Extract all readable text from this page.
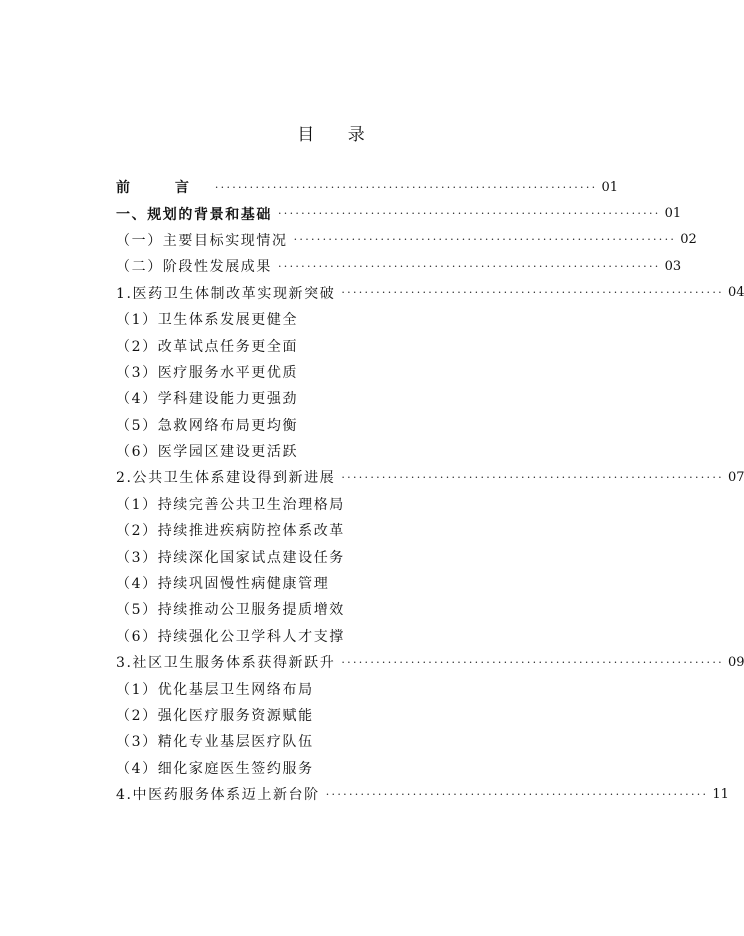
目 录
前 言 ·································································· 01
一、规划的背景和基础 ·································································· 01
（一）主要目标实现情况 ·································································· 02
（二）阶段性发展成果 ·································································· 03
1.医药卫生体制改革实现新突破 ·································································· 04
（1）卫生体系发展更健全
（2）改革试点任务更全面
（3）医疗服务水平更优质
（4）学科建设能力更强劲
（5）急救网络布局更均衡
（6）医学园区建设更活跃
2.公共卫生体系建设得到新进展 ·································································· 07
（1）持续完善公共卫生治理格局
（2）持续推进疾病防控体系改革
（3）持续深化国家试点建设任务
（4）持续巩固慢性病健康管理
（5）持续推动公卫服务提质增效
（6）持续强化公卫学科人才支撑
3.社区卫生服务体系获得新跃升 ·································································· 09
（1）优化基层卫生网络布局
（2）强化医疗服务资源赋能
（3）精化专业基层医疗队伍
（4）细化家庭医生签约服务
4.中医药服务体系迈上新台阶 ·································································· 11
